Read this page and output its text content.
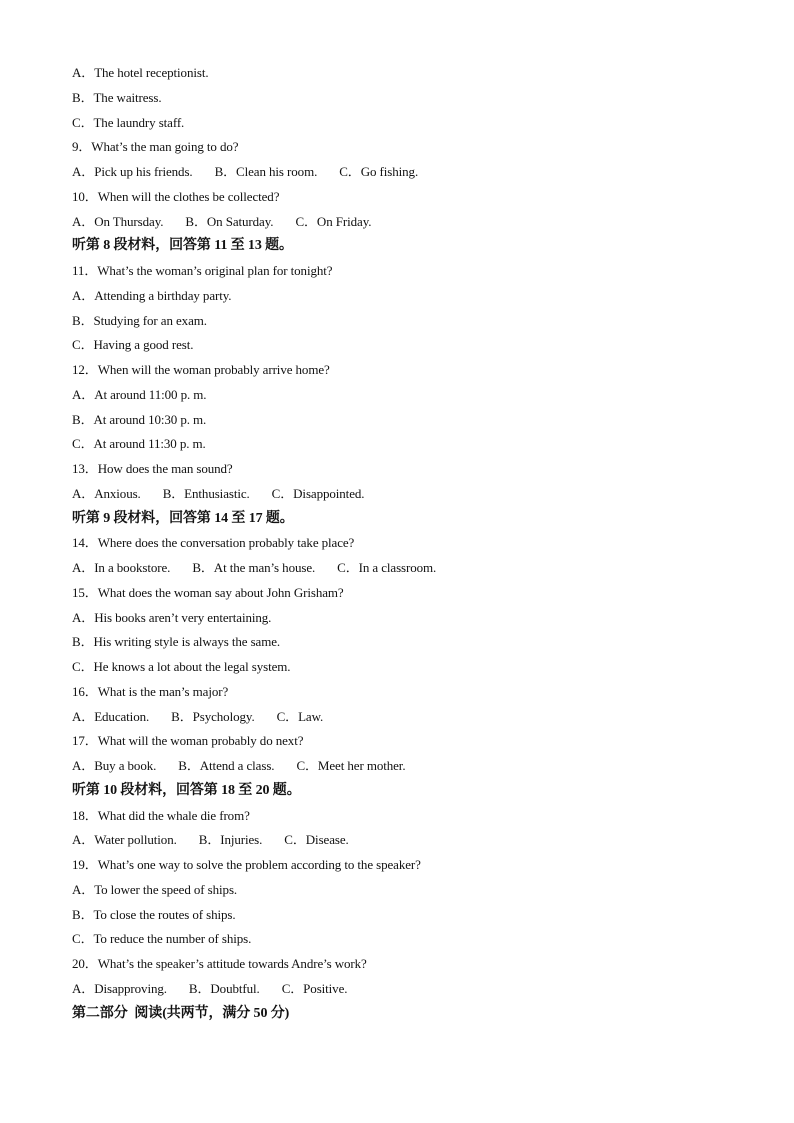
A．The hotel receptionist.
B．The waitress.
C．The laundry staff.
9．What’s the man going to do?
A．Pick up his friends. B．Clean his room. C．Go fishing.
10．When will the clothes be collected?
A．On Thursday. B．On Saturday. C．On Friday.
听第 8 段材料，回答第 11 至 13 题。
11．What’s the woman’s original plan for tonight?
A．Attending a birthday party.
B．Studying for an exam.
C．Having a good rest.
12．When will the woman probably arrive home?
A．At around 11:00 p. m.
B．At around 10:30 p. m.
C．At around 11:30 p. m.
13．How does the man sound?
A．Anxious. B．Enthusiastic. C．Disappointed.
听第 9 段材料，回答第 14 至 17 题。
14．Where does the conversation probably take place?
A．In a bookstore. B．At the man’s house. C．In a classroom.
15．What does the woman say about John Grisham?
A．His books aren’t very entertaining.
B．His writing style is always the same.
C．He knows a lot about the legal system.
16．What is the man’s major?
A．Education. B．Psychology. C．Law.
17．What will the woman probably do next?
A．Buy a book. B．Attend a class. C．Meet her mother.
听第 10 段材料，回答第 18 至 20 题。
18．What did the whale die from?
A．Water pollution. B．Injuries. C．Disease.
19．What’s one way to solve the problem according to the speaker?
A．To lower the speed of ships.
B．To close the routes of ships.
C．To reduce the number of ships.
20．What’s the speaker’s attitude towards Andre’s work?
A．Disapproving. B．Doubtful. C．Positive.
第二部分  阅读(共两节，满分 50 分)
